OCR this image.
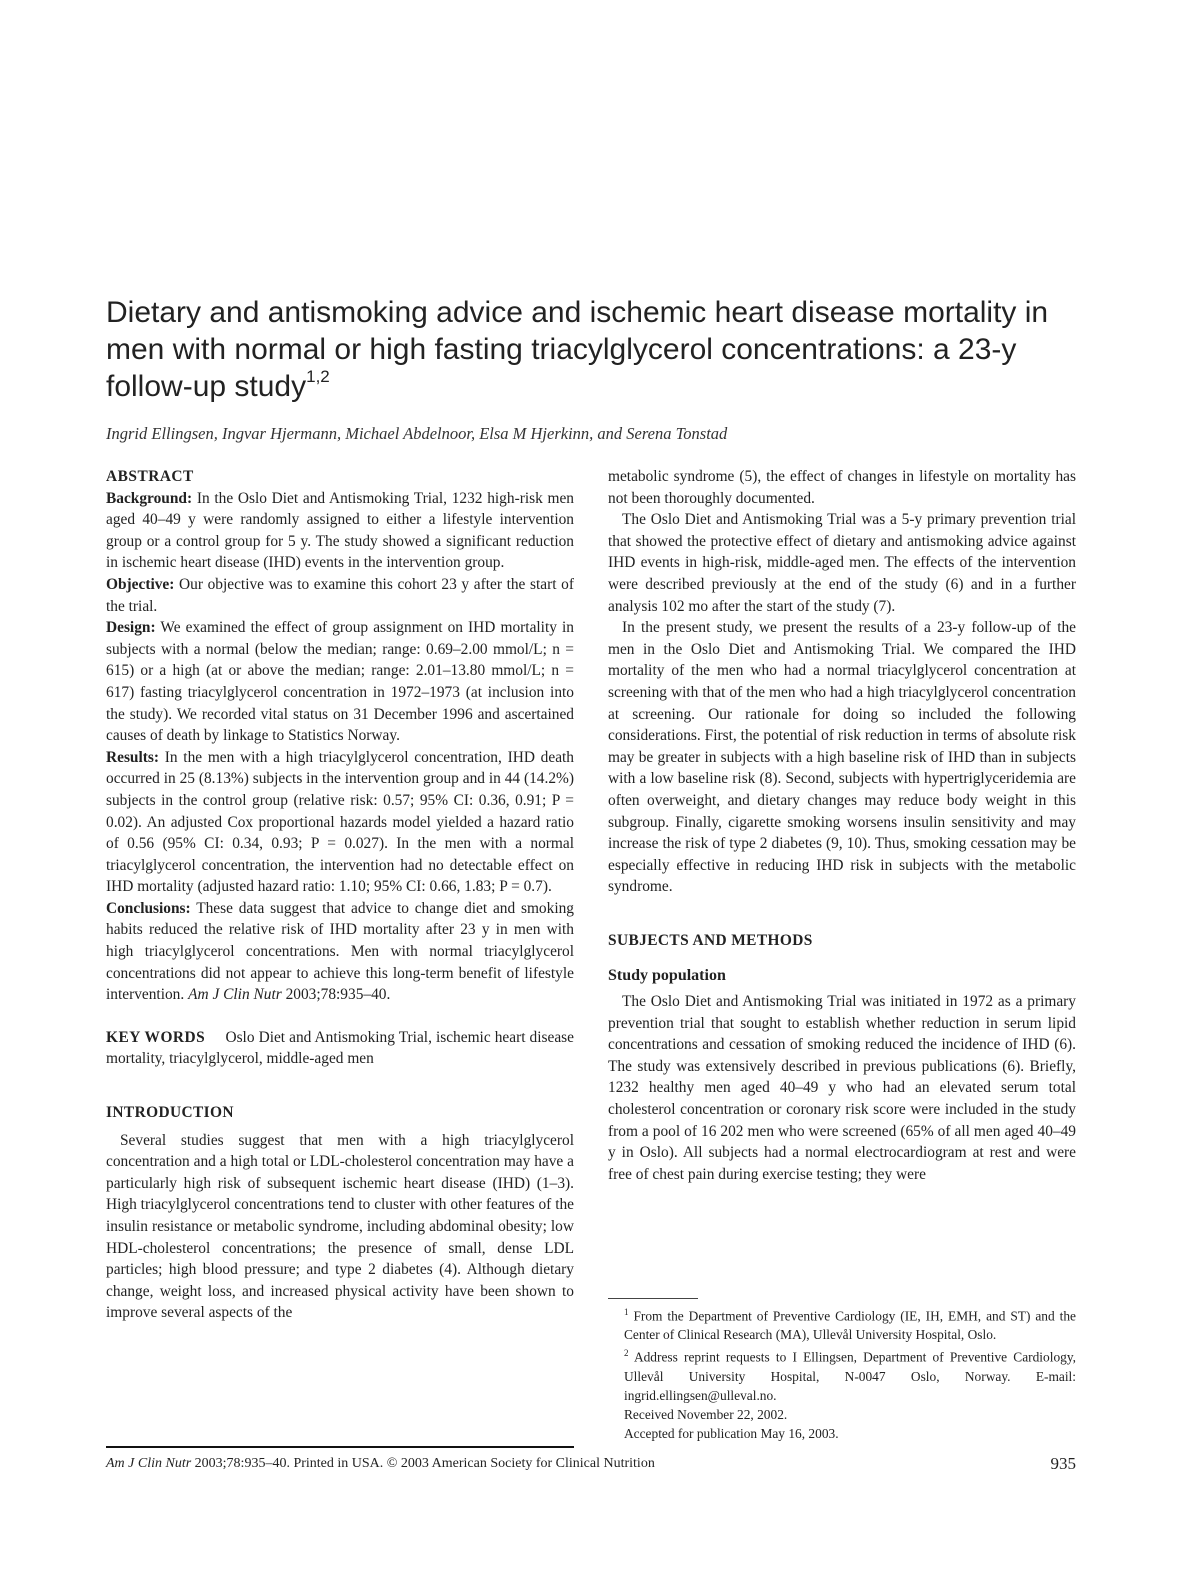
Dietary and antismoking advice and ischemic heart disease mortality in men with normal or high fasting triacylglycerol concentrations: a 23-y follow-up study$^{1,2}$
Ingrid Ellingsen, Ingvar Hjermann, Michael Abdelnoor, Elsa M Hjerkinn, and Serena Tonstad
ABSTRACT

Background: In the Oslo Diet and Antismoking Trial, 1232 high-risk men aged 40–49 y were randomly assigned to either a lifestyle intervention group or a control group for 5 y. The study showed a significant reduction in ischemic heart disease (IHD) events in the intervention group.

Objective: Our objective was to examine this cohort 23 y after the start of the trial.

Design: We examined the effect of group assignment on IHD mortality in subjects with a normal (below the median; range: 0.69–2.00 mmol/L; n = 615) or a high (at or above the median; range: 2.01–13.80 mmol/L; n = 617) fasting triacylglycerol concentration in 1972–1973 (at inclusion into the study). We recorded vital status on 31 December 1996 and ascertained causes of death by linkage to Statistics Norway.

Results: In the men with a high triacylglycerol concentration, IHD death occurred in 25 (8.13%) subjects in the intervention group and in 44 (14.2%) subjects in the control group (relative risk: 0.57; 95% CI: 0.36, 0.91; P = 0.02). An adjusted Cox proportional hazards model yielded a hazard ratio of 0.56 (95% CI: 0.34, 0.93; P = 0.027). In the men with a normal triacylglycerol concentration, the intervention had no detectable effect on IHD mortality (adjusted hazard ratio: 1.10; 95% CI: 0.66, 1.83; P = 0.7).

Conclusions: These data suggest that advice to change diet and smoking habits reduced the relative risk of IHD mortality after 23 y in men with high triacylglycerol concentrations. Men with normal triacylglycerol concentrations did not appear to achieve this long-term benefit of lifestyle intervention. Am J Clin Nutr 2003;78:935–40.

KEY WORDS Oslo Diet and Antismoking Trial, ischemic heart disease mortality, triacylglycerol, middle-aged men

INTRODUCTION

Several studies suggest that men with a high triacylglycerol concentration and a high total or LDL-cholesterol concentration may have a particularly high risk of subsequent ischemic heart disease (IHD) (1–3). High triacylglycerol concentrations tend to cluster with other features of the insulin resistance or metabolic syndrome, including abdominal obesity; low HDL-cholesterol concentrations; the presence of small, dense LDL particles; high blood pressure; and type 2 diabetes (4). Although dietary change, weight loss, and increased physical activity have been shown to improve several aspects of the

metabolic syndrome (5), the effect of changes in lifestyle on mortality has not been thoroughly documented.

The Oslo Diet and Antismoking Trial was a 5-y primary prevention trial that showed the protective effect of dietary and antismoking advice against IHD events in high-risk, middle-aged men. The effects of the intervention were described previously at the end of the study (6) and in a further analysis 102 mo after the start of the study (7).

In the present study, we present the results of a 23-y follow-up of the men in the Oslo Diet and Antismoking Trial. We compared the IHD mortality of the men who had a normal triacylglycerol concentration at screening with that of the men who had a high triacylglycerol concentration at screening. Our rationale for doing so included the following considerations. First, the potential of risk reduction in terms of absolute risk may be greater in subjects with a high baseline risk of IHD than in subjects with a low baseline risk (8). Second, subjects with hypertriglyceridemia are often overweight, and dietary changes may reduce body weight in this subgroup. Finally, cigarette smoking worsens insulin sensitivity and may increase the risk of type 2 diabetes (9, 10). Thus, smoking cessation may be especially effective in reducing IHD risk in subjects with the metabolic syndrome.

SUBJECTS AND METHODS
Study population

The Oslo Diet and Antismoking Trial was initiated in 1972 as a primary prevention trial that sought to establish whether reduction in serum lipid concentrations and cessation of smoking reduced the incidence of IHD (6). The study was extensively described in previous publications (6). Briefly, 1232 healthy men aged 40–49 y who had an elevated serum total cholesterol concentration or coronary risk score were included in the study from a pool of 16 202 men who were screened (65% of all men aged 40–49 y in Oslo). All subjects had a normal electrocardiogram at rest and were free of chest pain during exercise testing; they were

$^1$ From the Department of Preventive Cardiology (IE, IH, EMH, and ST) and the Center of Clinical Research (MA), Ullevål University Hospital, Oslo.

$^2$ Address reprint requests to I Ellingsen, Department of Preventive Cardiology, Ullevål University Hospital, N-0047 Oslo, Norway. E-mail: ingrid.ellingsen@ulleval.no.

Received November 22, 2002.

Accepted for publication May 16, 2003.

Am J Clin Nutr 2003;78:935–40. Printed in USA. © 2003 American Society for Clinical Nutrition	935
